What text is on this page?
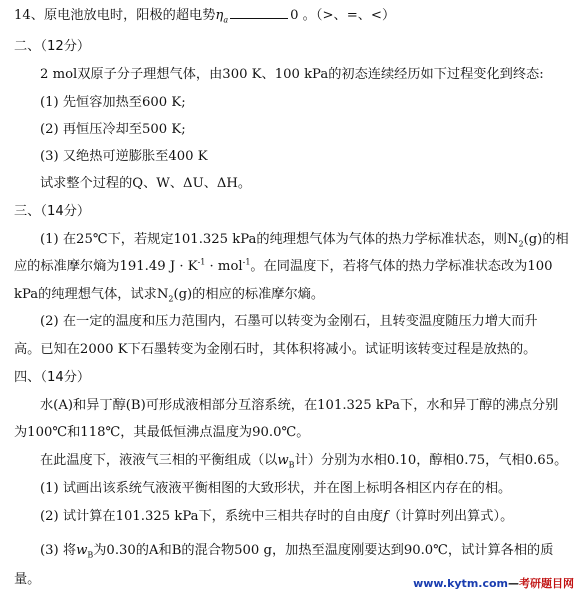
14、原电池放电时，阳极的超电势$\eta_a$	0 。（>、=、<）
二、（12分）
2 mol双原子分子理想气体，由300 K、100 kPa的初态连续经历如下过程变化到终态:
(1) 先恒容加热至600 K;
(2) 再恒压冷却至500 K;
(3) 又绝热可逆膨胀至400 K
试求整个过程的Q、W、ΔU、ΔH。
三、（14分）
(1) 在25℃下，若规定101.325 kPa的纯理想气体为气体的热力学标准状态，则$N_2(g)$的相
应的标准摩尔熵为191.49 $J \cdot K^{-1} \cdot mol^{-1}$。在同温度下，若将气体的热力学标准状态改为100
kPa的纯理想气体，试求$N_2(g)$的相应的标准摩尔熵。
(2) 在一定的温度和压力范围内，石墨可以转变为金刚石，且转变温度随压力增大而升
高。已知在2000 K下石墨转变为金刚石时，其体积将减小。试证明该转变过程是放热的。
四、（14分）
水(A)和异丁醇(B)可形成液相部分互溶系统，在101.325 kPa下，水和异丁醇的沸点分别
为100℃和118℃，其最低恒沸点温度为90.0℃。
在此温度下，液液气三相的平衡组成（以$w_B$计）分别为水相0.10，醇相0.75，气相0.65。
(1) 试画出该系统气液液平衡相图的大致形状，并在图上标明各相区内存在的相。
(2) 试计算在101.325 kPa下，系统中三相共存时的自由度f（计算时列出算式）。
(3) 将$w_B$为0.30的A和B的混合物500 g，加热至温度刚要达到90.0℃，试计算各相的质
量。	www.kytm.com—考研题目网
